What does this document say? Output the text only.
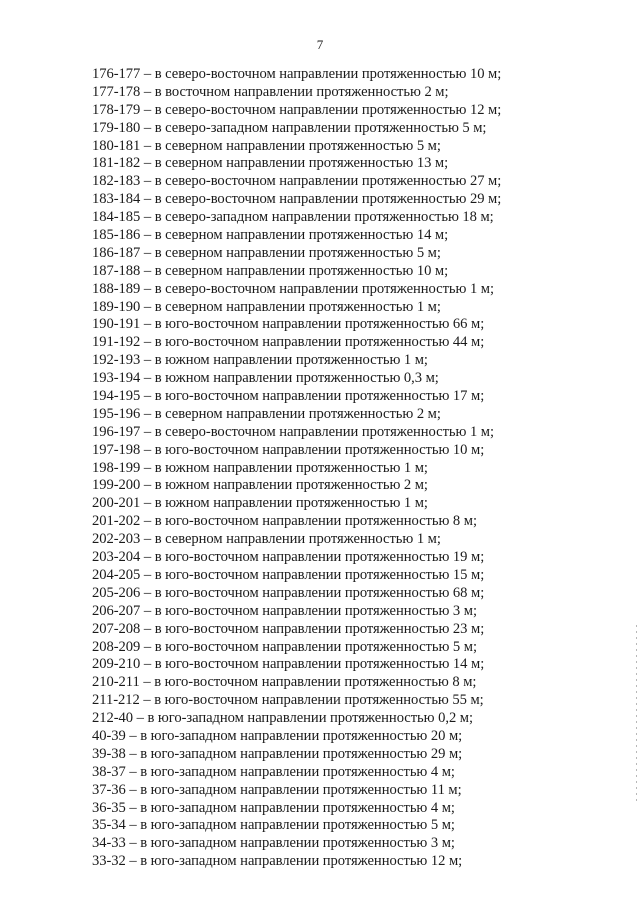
7
176-177 – в северо-восточном направлении протяженностью 10 м;
177-178 – в восточном направлении протяженностью 2 м;
178-179 – в северо-восточном направлении протяженностью 12 м;
179-180 – в северо-западном направлении протяженностью 5 м;
180-181 – в северном направлении протяженностью 5 м;
181-182 – в северном направлении протяженностью 13 м;
182-183 – в северо-восточном направлении протяженностью 27 м;
183-184 – в северо-восточном направлении протяженностью 29 м;
184-185 – в северо-западном направлении протяженностью 18 м;
185-186 – в северном направлении протяженностью 14 м;
186-187 – в северном направлении протяженностью 5 м;
187-188 – в северном направлении протяженностью 10 м;
188-189 – в северо-восточном направлении протяженностью 1 м;
189-190 – в северном направлении протяженностью 1 м;
190-191 – в юго-восточном направлении протяженностью 66 м;
191-192 – в юго-восточном направлении протяженностью 44 м;
192-193 – в южном направлении протяженностью 1 м;
193-194 – в южном направлении протяженностью 0,3 м;
194-195 – в юго-восточном направлении протяженностью 17 м;
195-196 – в северном направлении протяженностью 2 м;
196-197 – в северо-восточном направлении протяженностью 1 м;
197-198 – в юго-восточном направлении протяженностью 10 м;
198-199 – в южном направлении протяженностью 1 м;
199-200 – в южном направлении протяженностью 2 м;
200-201 – в южном направлении протяженностью 1 м;
201-202 – в юго-восточном направлении протяженностью 8 м;
202-203 – в северном направлении протяженностью 1 м;
203-204 – в юго-восточном направлении протяженностью 19 м;
204-205 – в юго-восточном направлении протяженностью 15 м;
205-206 – в юго-восточном направлении протяженностью 68 м;
206-207 – в юго-восточном направлении протяженностью 3 м;
207-208 – в юго-восточном направлении протяженностью 23 м;
208-209 – в юго-восточном направлении протяженностью 5 м;
209-210 – в юго-восточном направлении протяженностью 14 м;
210-211 – в юго-восточном направлении протяженностью 8 м;
211-212 – в юго-восточном направлении протяженностью 55 м;
212-40 – в юго-западном направлении протяженностью 0,2 м;
40-39 – в юго-западном направлении протяженностью 20 м;
39-38 – в юго-западном направлении протяженностью 29 м;
38-37 – в юго-западном направлении протяженностью 4 м;
37-36 – в юго-западном направлении протяженностью 11 м;
36-35 – в юго-западном направлении протяженностью 4 м;
35-34 – в юго-западном направлении протяженностью 5 м;
34-33 – в юго-западном направлении протяженностью 3 м;
33-32 – в юго-западном направлении протяженностью 12 м;
